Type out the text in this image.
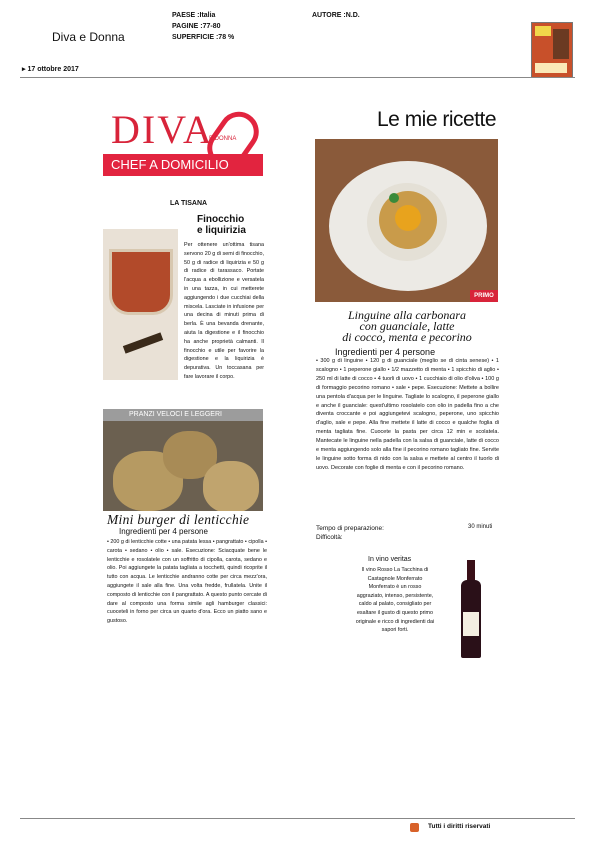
Diva e Donna
PAESE :Italia
PAGINE :77-80
SUPERFICIE :78 %
AUTORE :N.D.
▸ 17 ottobre 2017
DIVA
E DONNA
CHEF A DOMICILIO
Le mie ricette
PRIMO
LA TISANA
Finocchio
e liquirizia
Per ottenere un'ottima tisana servono 20 g di semi di finocchio, 50 g di radice di liquirizia e 50 g di radice di tarassaco. Portate l'acqua a ebollizione e versatela in una tazza, in cui metterete aggiungendo i due cucchiai della miscela. Lasciate in infusione per una decina di minuti prima di berla. È una bevanda drenante, aiuta la digestione e il finocchio ha anche proprietà calmanti. Il finocchio e utile per favorire la digestione e la liquirizia è depurativa. Un toccasana per fare lavorare il corpo.
PRANZI VELOCI E LEGGERI
Mini burger di lenticchie
Ingredienti per 4 persone
• 200 g di lenticchie cotte • una patata lessa • pangrattato • cipolla • carota • sedano • olio • sale. Esecuzione: Sciacquate bene le lenticchie e rosolatele con un soffritto di cipolla, carota, sedano e olio. Poi aggiungete la patata tagliata a tocchetti, quindi ricoprite il tutto con acqua. Le lenticchie andranno cotte per circa mezz'ora, aggiungete il sale alla fine. Una volta fredde, frullatela. Unite il composto di lenticchie con il pangrattato. A questo punto cercate di dare al composto una forma simile agli hamburger classici: cuoceteli in forno per circa un quarto d'ora. Ecco un piatto sano e gustoso.
Linguine alla carbonara
con guanciale, latte
di cocco, menta e pecorino
Ingredienti per 4 persone
• 300 g di linguine • 120 g di guanciale (meglio se di cinta senese) • 1 scalogno • 1 peperone giallo • 1/2 mazzetto di menta • 1 spicchio di aglio • 250 ml di latte di cocco • 4 tuorli di uovo • 1 cucchiaio di olio d'oliva • 100 g di formaggio pecorino romano • sale • pepe. Esecuzione: Mettete a bollire una pentola d'acqua per le linguine. Tagliate lo scalogno, il peperone giallo e anche il guanciale: quest'ultimo rosolatelo con olio in padella fino a che diventa croccante e poi aggiungetevi scalogno, peperone, uno spicchio d'aglio, sale e pepe. Alla fine mettete il latte di cocco e qualche foglia di menta tagliata fine. Cuocete la pasta per circa 12 min e scolatela. Mantecate le linguine nella padella con la salsa di guanciale, latte di cocco e menta aggiungendo solo alla fine il pecorino romano tagliato fine. Servite le linguine sotto forma di nido con la salsa e mettete al centro il tuorlo di uovo. Decorate con foglie di menta e con il pecorino romano.
Tempo di preparazione:
Difficoltà:
30 minuti
In vino veritas
Il vino Rosso La Tacchina di Castagnole Monferrato Monferrato è un rosso aggraziato, intenso, persistente, caldo al palato, consigliato per esaltare il gusto di questo primo originale e ricco di ingredienti dai sapori forti.
Tutti i diritti riservati
